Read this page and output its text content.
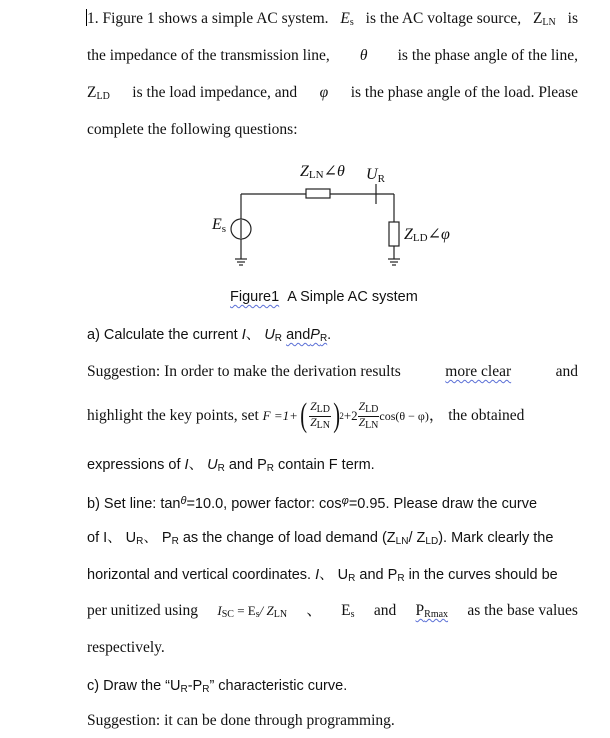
1. Figure 1 shows a simple AC system. $E_s$ is the AC voltage source, $Z_{LN}$ is
the impedance of the transmission line, θ is the phase angle of the line,
$Z_{LD}$ is the load impedance, and φ is the phase angle of the load. Please
complete the following questions:
ZLN∠θ UR
Es	ZLD∠φ
Figure1 A Simple AC system
a) Calculate the current I、 $U_R$ andP$_R$.
Suggestion: In order to make the derivation results	more clear	and
highlight the key points, set
F =1+ ( $\frac{Z_{LD}}{Z_{LN}}$ ) $2 +2 \frac{Z_{LD}}{Z_{LN}} \cos(\theta - \varphi)$ ， the obtained
expressions of I、 $U_R$ and $P_R$ contain F term.
b) Set line: $\tan^\theta=10.0$, power factor: $\cos^\varphi=0.95$. Please draw the curve
of I、 $U_R$、 $P_R$ as the change of load demand ($Z_{LN}/$ $Z_{LD}$). Mark clearly the
horizontal and vertical coordinates. I、 $U_R$ and $P_R$ in the curves should be
per unitized using $I_{SC} = E_s/$ $Z_{LN}$ 、 $E_s$ and $P_{Rmax}$ as the base values
respectively.
c) Draw the “$U_R-P_R$” characteristic curve.
Suggestion: it can be done through programming.
